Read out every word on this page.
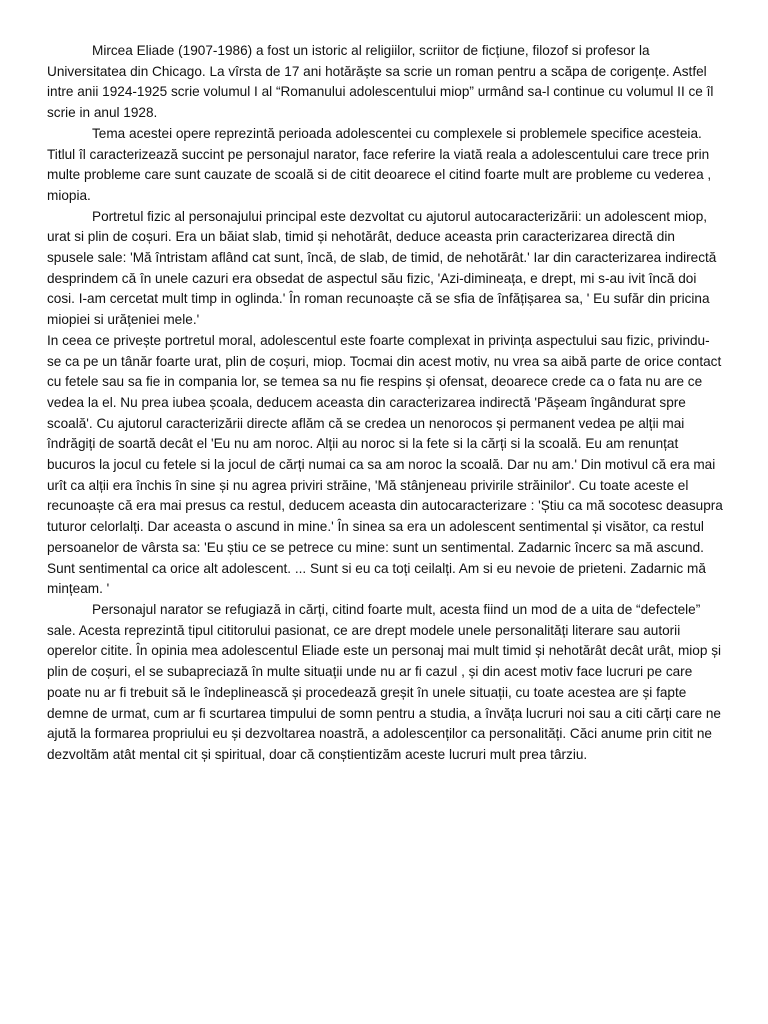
Mircea Eliade (1907-1986) a fost un istoric al religiilor, scriitor de ficțiune, filozof si profesor la Universitatea din Chicago. La vîrsta de 17 ani hotărăște sa scrie un roman pentru a scăpa de corigențe. Astfel intre anii 1924-1925 scrie volumul I al “Romanului adolescentului miop” urmând sa-l continue cu volumul II ce îl scrie in anul 1928.

Tema acestei opere reprezintă perioada adolescentei cu complexele si problemele specifice acesteia. Titlul îl caracterizează succint pe personajul narator, face referire la viată reala a adolescentului care trece prin multe probleme care sunt cauzate de scoală si de citit deoarece el citind foarte mult are probleme cu vederea , miopia.

Portretul fizic al personajului principal este dezvoltat cu ajutorul autocaracterizării: un adolescent miop, urat si plin de coșuri. Era un băiat slab, timid și nehotărât, deduce aceasta prin caracterizarea directă din spusele sale: 'Mă întristam aflând cat sunt, încă, de slab, de timid, de nehotărât.' Iar din caracterizarea indirectă desprindem că în unele cazuri era obsedat de aspectul său fizic, 'Azi-dimineața, e drept, mi s-au ivit încă doi cosi. I-am cercetat mult timp in oglinda.' În roman recunoaște că se sfia de înfățișarea sa, ' Eu sufăr din pricina miopiei si urățeniei mele.'

In ceea ce privește portretul moral, adolescentul este foarte complexat in privința aspectului sau fizic, privindu-se ca pe un tânăr foarte urat, plin de coșuri, miop. Tocmai din acest motiv, nu vrea sa aibă parte de orice contact cu fetele sau sa fie in compania lor, se temea sa nu fie respins și ofensat, deoarece crede ca o fata nu are ce vedea la el. Nu prea iubea școala, deducem aceasta din caracterizarea indirectă 'Pășeam îngândurat spre scoală'. Cu ajutorul caracterizării directe aflăm că se credea un nenorocos și permanent vedea pe alții mai îndrăgiți de soartă decât el 'Eu nu am noroc. Alții au noroc si la fete si la cărți si la scoală. Eu am renunțat bucuros la jocul cu fetele si la jocul de cărți numai ca sa am noroc la scoală. Dar nu am.' Din motivul că era mai urît ca alții era închis în sine și nu agrea priviri străine, 'Mă stânjeneau privirile străinilor'. Cu toate aceste el recunoaște că era mai presus ca restul, deducem aceasta din autocaracterizare : 'Știu ca mă socotesc deasupra tuturor celorlalți. Dar aceasta o ascund in mine.' În sinea sa era un adolescent sentimental și visător, ca restul persoanelor de vârsta sa: 'Eu știu ce se petrece cu mine: sunt un sentimental. Zadarnic încerc sa mă ascund. Sunt sentimental ca orice alt adolescent. ... Sunt si eu ca toți ceilalți. Am si eu nevoie de prieteni. Zadarnic mă mințeam. '

Personajul narator se refugiază in cărți, citind foarte mult, acesta fiind un mod de a uita de “defectele” sale. Acesta reprezintă tipul cititorului pasionat, ce are drept modele unele personalități literare sau autorii operelor citite. În opinia mea adolescentul Eliade este un personaj mai mult timid și nehotărât decât urât, miop și plin de coșuri, el se subapreciază în multe situații unde nu ar fi cazul , și din acest motiv face lucruri pe care poate nu ar fi trebuit să le îndeplinească și procedează greșit în unele situații, cu toate acestea are și fapte demne de urmat, cum ar fi scurtarea timpului de somn pentru a studia, a învăța lucruri noi sau a citi cărți care ne ajută la formarea propriului eu și dezvoltarea noastră, a adolescenților ca personalități. Căci anume prin citit ne dezvoltăm atât mental cit și spiritual, doar că conștientizăm aceste lucruri mult prea târziu.
